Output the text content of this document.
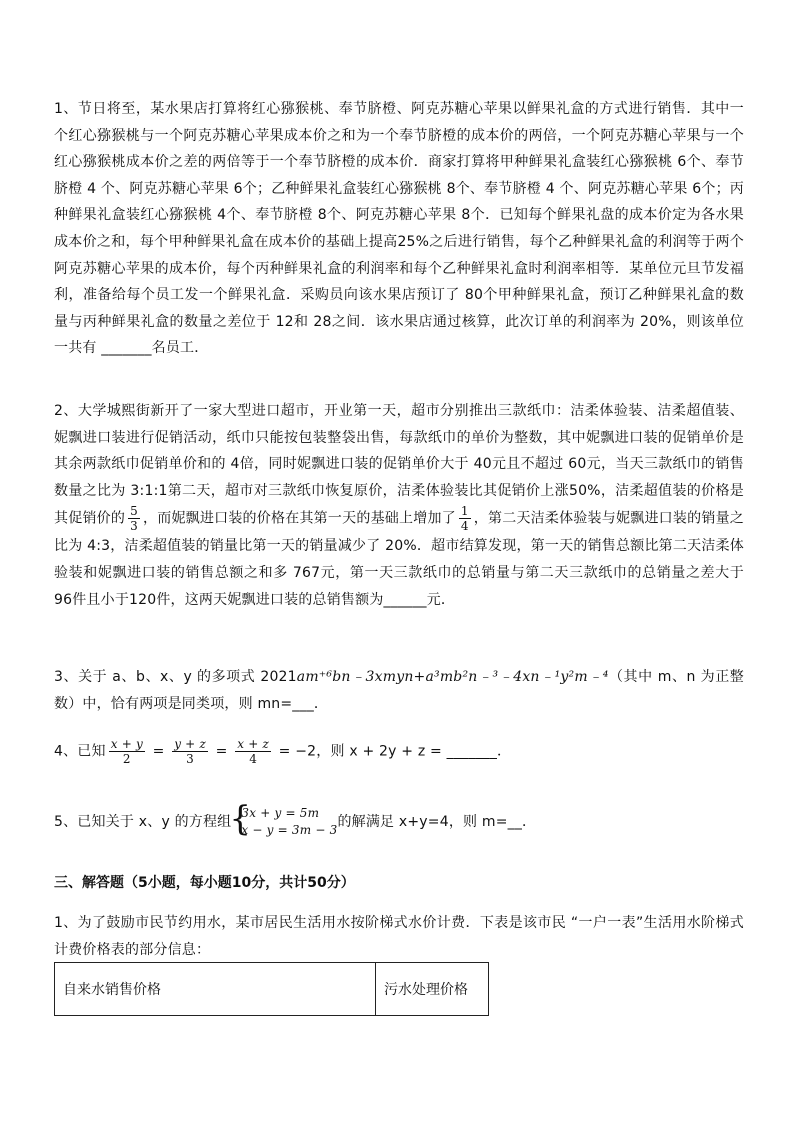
1、节日将至，某水果店打算将红心猕猴桃、奉节脐橙、阿克苏糖心苹果以鲜果礼盒的方式进行销售．其中一个红心猕猴桃与一个阿克苏糖心苹果成本价之和为一个奉节脐橙的成本价的两倍，一个阿克苏糖心苹果与一个红心猕猴桃成本价之差的两倍等于一个奉节脐橙的成本价．商家打算将甲种鲜果礼盒装红心猕猴桃 6个、奉节脐橙 4 个、阿克苏糖心苹果 6个；乙种鲜果礼盒装红心猕猴桃 8个、奉节脐橙 4 个、阿克苏糖心苹果 6个；丙种鲜果礼盒装红心猕猴桃 4个、奉节脐橙 8个、阿克苏糖心苹果 8个．已知每个鲜果礼盘的成本价定为各水果成本价之和，每个甲种鲜果礼盒在成本价的基础上提高25%之后进行销售，每个乙种鲜果礼盒的利润等于两个阿克苏糖心苹果的成本价，每个丙种鲜果礼盒的利润率和每个乙种鲜果礼盒时利润率相等．某单位元旦节发福利，准备给每个员工发一个鲜果礼盒．采购员向该水果店预订了 80个甲种鲜果礼盒，预订乙种鲜果礼盒的数量与丙种鲜果礼盒的数量之差位于 12和 28之间．该水果店通过核算，此次订单的利润率为 20%，则该单位一共有 _______名员工．

2、大学城熙街新开了一家大型进口超市，开业第一天，超市分别推出三款纸巾：洁柔体验装、洁柔超值装、妮飘进口装进行促销活动，纸巾只能按包装整袋出售，每款纸巾的单价为整数，其中妮飘进口装的促销单价是其余两款纸巾促销单价和的 4倍，同时妮飘进口装的促销单价大于 40元且不超过 60元，当天三款纸巾的销售数量之比为 3:1:1第二天，超市对三款纸巾恢复原价，洁柔体验装比其促销价上涨50%，洁柔超值装的价格是其促销价的 $\frac{5}{3}$ ，而妮飘进口装的价格在其第一天的基础上增加了 $\frac{1}{4}$ ，第二天洁柔体验装与妮飘进口装的销量之比为 4:3，洁柔超值装的销量比第一天的销量减少了 20%．超市结算发现，第一天的销售总额比第二天洁柔体验装和妮飘进口装的销售总额之和多 767元，第一天三款纸巾的总销量与第二天三款纸巾的总销量之差大于 96件且小于120件，这两天妮飘进口装的总销售额为______元．

3、关于 a、b、x、y 的多项式 2021am⁺⁶bn﹣3xmyn+a³mb²n﹣³﹣4xn﹣¹y²m﹣⁴（其中 m、n 为正整数）中，恰有两项是同类项，则 mn=___．

4、已知 $\frac{x + y}{2} = \frac{y + z}{3} = \frac{x + z}{4} = -2$，则 x + 2y + z = _______．

5、已知关于 x、y 的方程组
{ 3x + y = 5m
x − y = 3m − 3 的解满足 x+y=4，则 m=__．

三、解答题（5小题，每小题10分，共计50分）

1、为了鼓励市民节约用水，某市居民生活用水按阶梯式水价计费．下表是该市民 “一户一表”生活用水阶梯式计费价格表的部分信息：

自来水销售价格	污水处理价格
